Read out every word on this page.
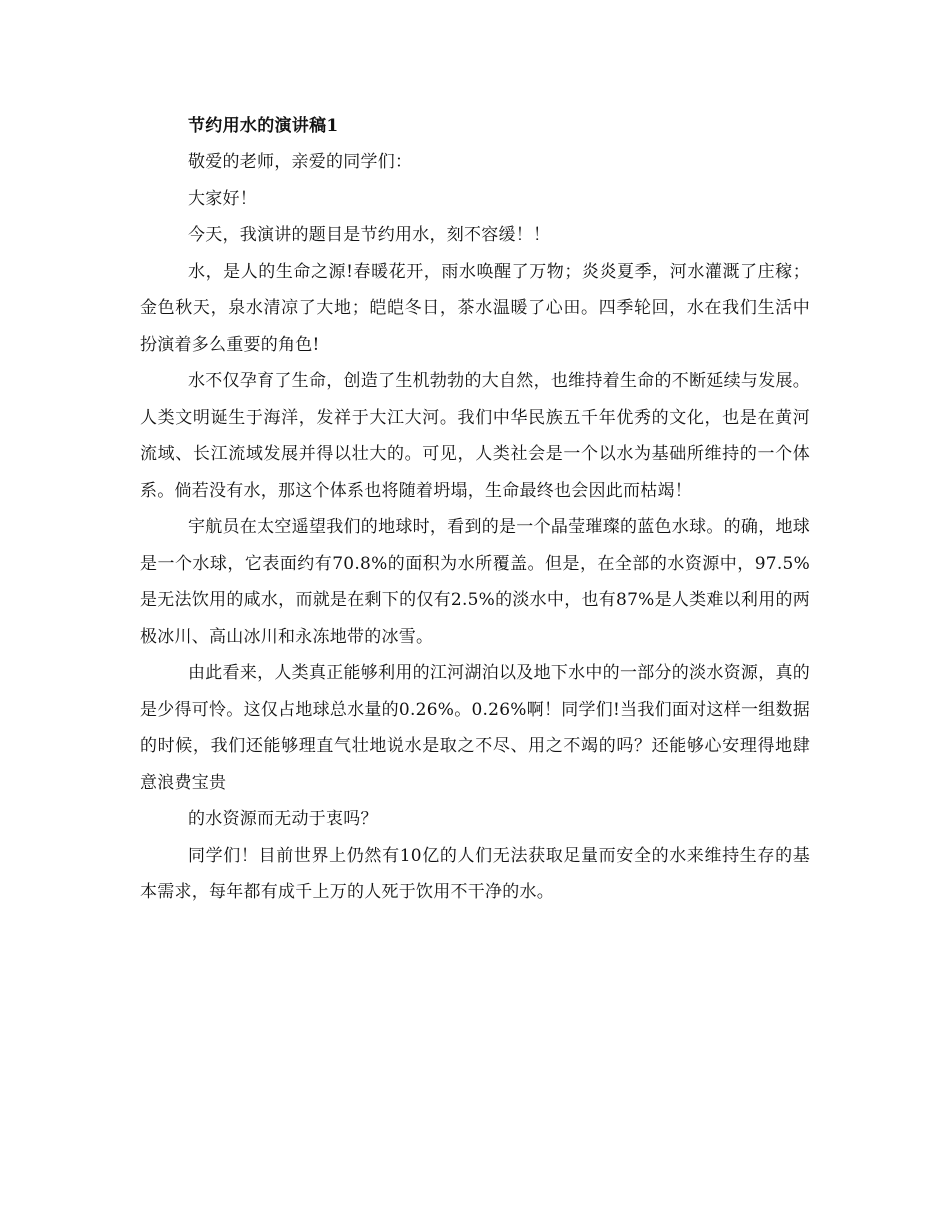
节约用水的演讲稿1

敬爱的老师，亲爱的同学们：

大家好！

今天，我演讲的题目是节约用水，刻不容缓！！

水，是人的生命之源!春暖花开，雨水唤醒了万物；炎炎夏季，河水灌溉了庄稼；金色秋天，泉水清凉了大地；皑皑冬日，茶水温暖了心田。四季轮回，水在我们生活中扮演着多么重要的角色!

水不仅孕育了生命，创造了生机勃勃的大自然，也维持着生命的不断延续与发展。人类文明诞生于海洋，发祥于大江大河。我们中华民族五千年优秀的文化，也是在黄河流域、长江流域发展并得以壮大的。可见，人类社会是一个以水为基础所维持的一个体系。倘若没有水，那这个体系也将随着坍塌，生命最终也会因此而枯竭！

宇航员在太空遥望我们的地球时，看到的是一个晶莹璀璨的蓝色水球。的确，地球是一个水球，它表面约有70.8%的面积为水所覆盖。但是，在全部的水资源中，97.5%是无法饮用的咸水，而就是在剩下的仅有2.5%的淡水中，也有87%是人类难以利用的两极冰川、高山冰川和永冻地带的冰雪。

由此看来，人类真正能够利用的江河湖泊以及地下水中的一部分的淡水资源，真的是少得可怜。这仅占地球总水量的0.26%。0.26%啊！同学们!当我们面对这样一组数据的时候，我们还能够理直气壮地说水是取之不尽、用之不竭的吗？还能够心安理得地肆意浪费宝贵

的水资源而无动于衷吗？

同学们！目前世界上仍然有10亿的人们无法获取足量而安全的水来维持生存的基本需求，每年都有成千上万的人死于饮用不干净的水。
